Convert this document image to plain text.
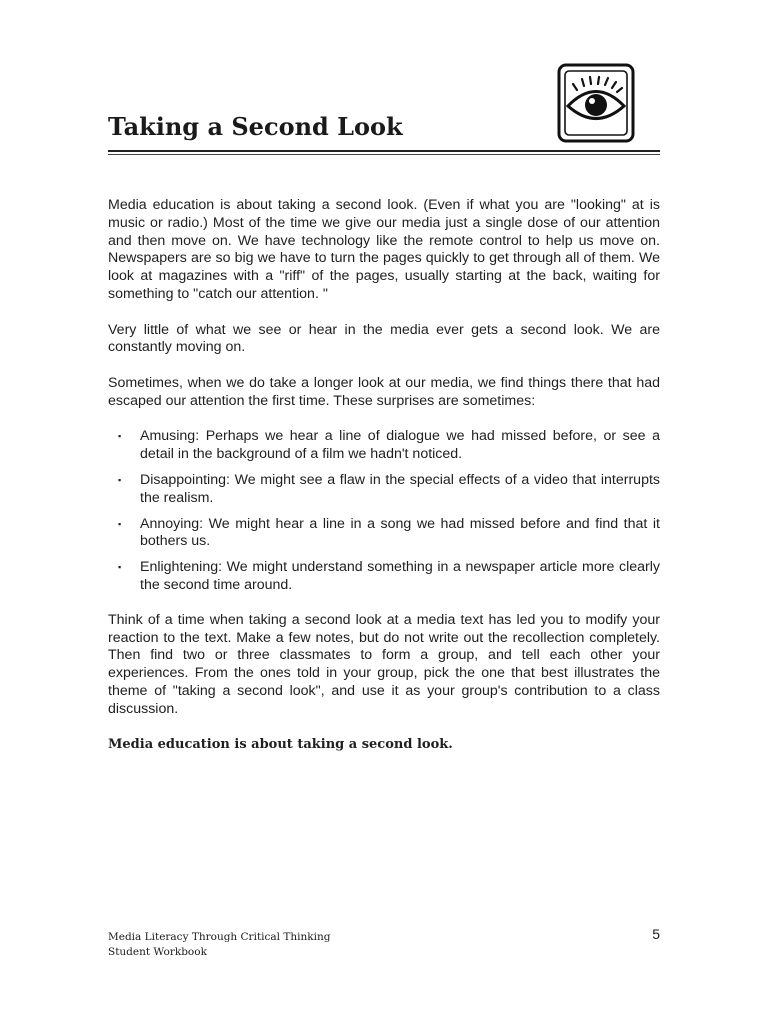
Taking a Second Look

Media education is about taking a second look. (Even if what you are "looking" at is music or radio.) Most of the time we give our media just a single dose of our attention and then move on. We have technology like the remote control to help us move on. Newspapers are so big we have to turn the pages quickly to get through all of them. We look at magazines with a "riff" of the pages, usually starting at the back, waiting for something to "catch our attention. "

Very little of what we see or hear in the media ever gets a second look. We are constantly moving on.

Sometimes, when we do take a longer look at our media, we find things there that had escaped our attention the first time. These surprises are sometimes:

▪ Amusing: Perhaps we hear a line of dialogue we had missed before, or see a detail in the background of a film we hadn't noticed.
▪ Disappointing: We might see a flaw in the special effects of a video that interrupts the realism.
▪ Annoying: We might hear a line in a song we had missed before and find that it bothers us.
▪ Enlightening: We might understand something in a newspaper article more clearly the second time around.

Think of a time when taking a second look at a media text has led you to modify your reaction to the text. Make a few notes, but do not write out the recollection completely. Then find two or three classmates to form a group, and tell each other your experiences. From the ones told in your group, pick the one that best illustrates the theme of "taking a second look", and use it as your group's contribution to a class discussion.

Media education is about taking a second look.
Media Literacy Through Critical Thinking
Student Workbook
5
